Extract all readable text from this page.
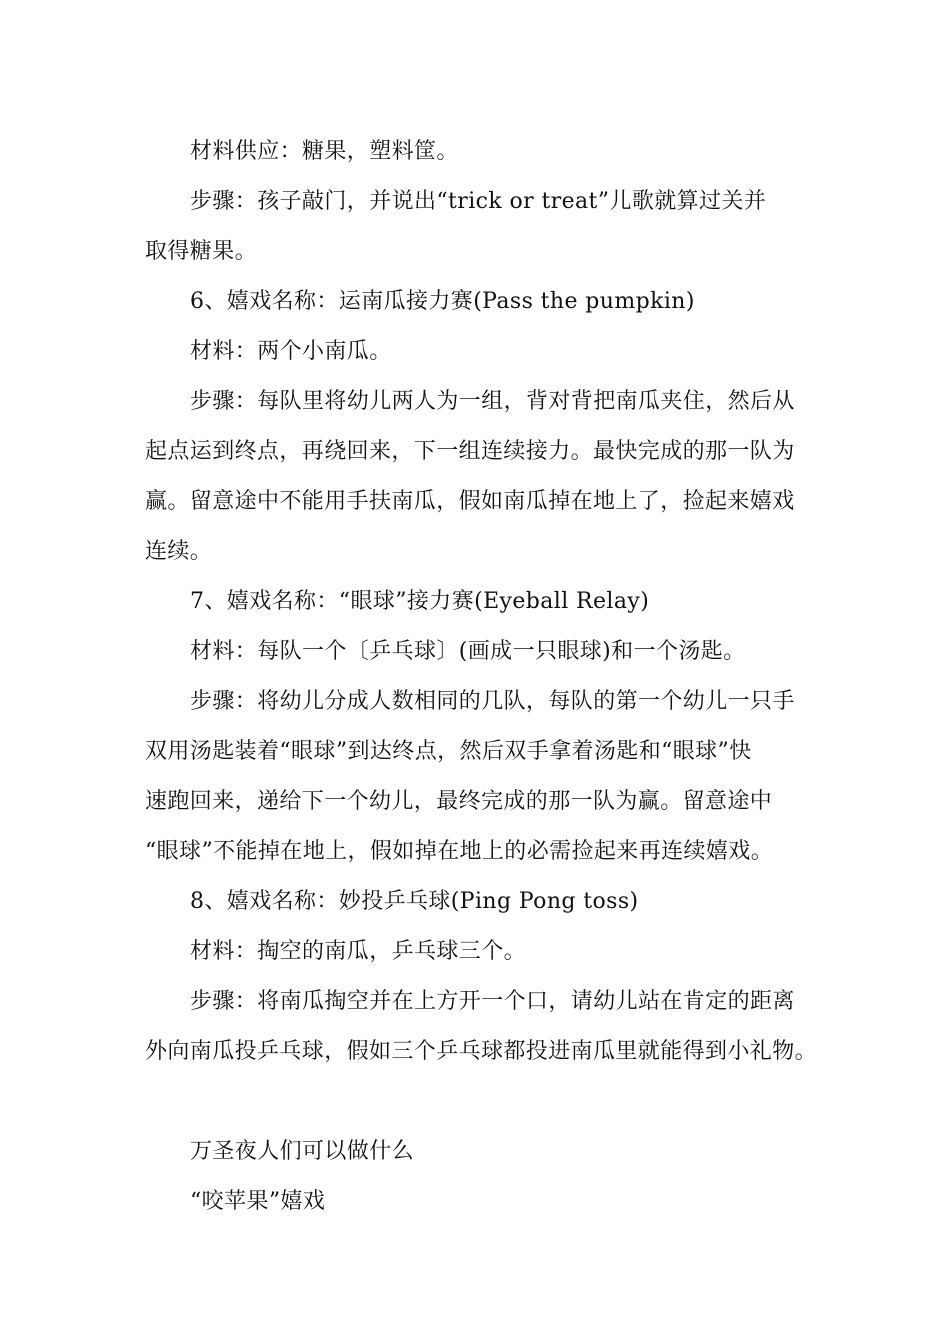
材料供应：糖果，塑料筐。
步骤：孩子敲门，并说出“trick or treat”儿歌就算过关并
取得糖果。
6、嬉戏名称：运南瓜接力赛(Pass the pumpkin)
材料：两个小南瓜。
步骤：每队里将幼儿两人为一组，背对背把南瓜夹住，然后从
起点运到终点，再绕回来，下一组连续接力。最快完成的那一队为
赢。留意途中不能用手扶南瓜，假如南瓜掉在地上了，捡起来嬉戏
连续。
7、嬉戏名称：“眼球”接力赛(Eyeball Relay)
材料：每队一个〔乒乓球〕(画成一只眼球)和一个汤匙。
步骤：将幼儿分成人数相同的几队，每队的第一个幼儿一只手
双用汤匙装着“眼球”到达终点，然后双手拿着汤匙和“眼球”快
速跑回来，递给下一个幼儿，最终完成的那一队为赢。留意途中
“眼球”不能掉在地上，假如掉在地上的必需捡起来再连续嬉戏。
8、嬉戏名称：妙投乒乓球(Ping Pong toss)
材料：掏空的南瓜，乒乓球三个。
步骤：将南瓜掏空并在上方开一个口，请幼儿站在肯定的距离
外向南瓜投乒乓球，假如三个乒乓球都投进南瓜里就能得到小礼物。
万圣夜人们可以做什么
“咬苹果”嬉戏
